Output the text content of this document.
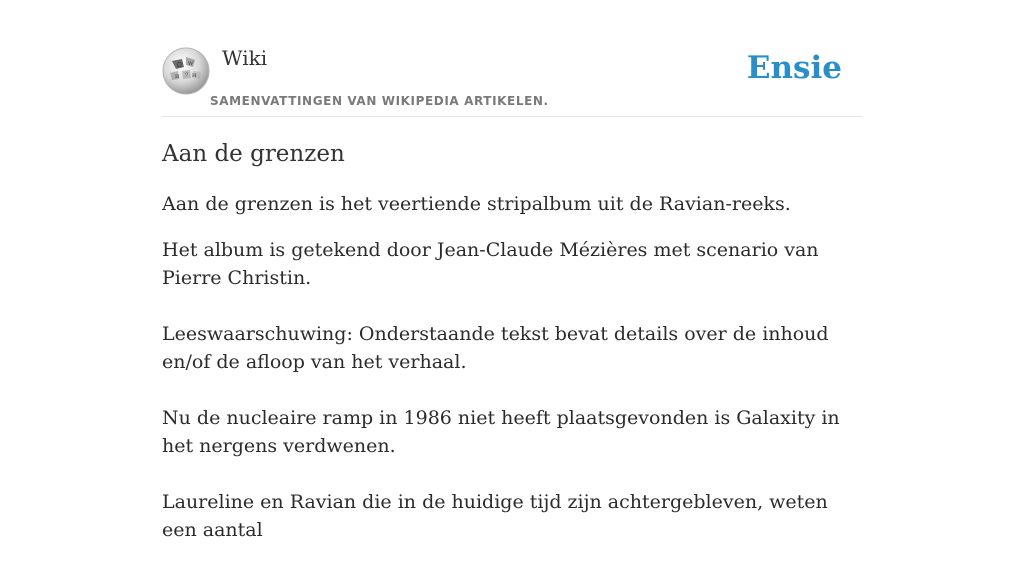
Ω W
Ѝ	И
ウ
Wiki
SAMENVATTINGEN VAN WIKIPEDIA ARTIKELEN.
Ensie
Aan de grenzen

Aan de grenzen is het veertiende stripalbum uit de Ravian-reeks.

Het album is getekend door Jean-Claude Mézières met scenario van Pierre Christin.

Leeswaarschuwing: Onderstaande tekst bevat details over de inhoud en/of de afloop van het verhaal.

Nu de nucleaire ramp in 1986 niet heeft plaatsgevonden is Galaxity in het nergens verdwenen.

Laureline en Ravian die in de huidige tijd zijn achtergebleven, weten een aantal
